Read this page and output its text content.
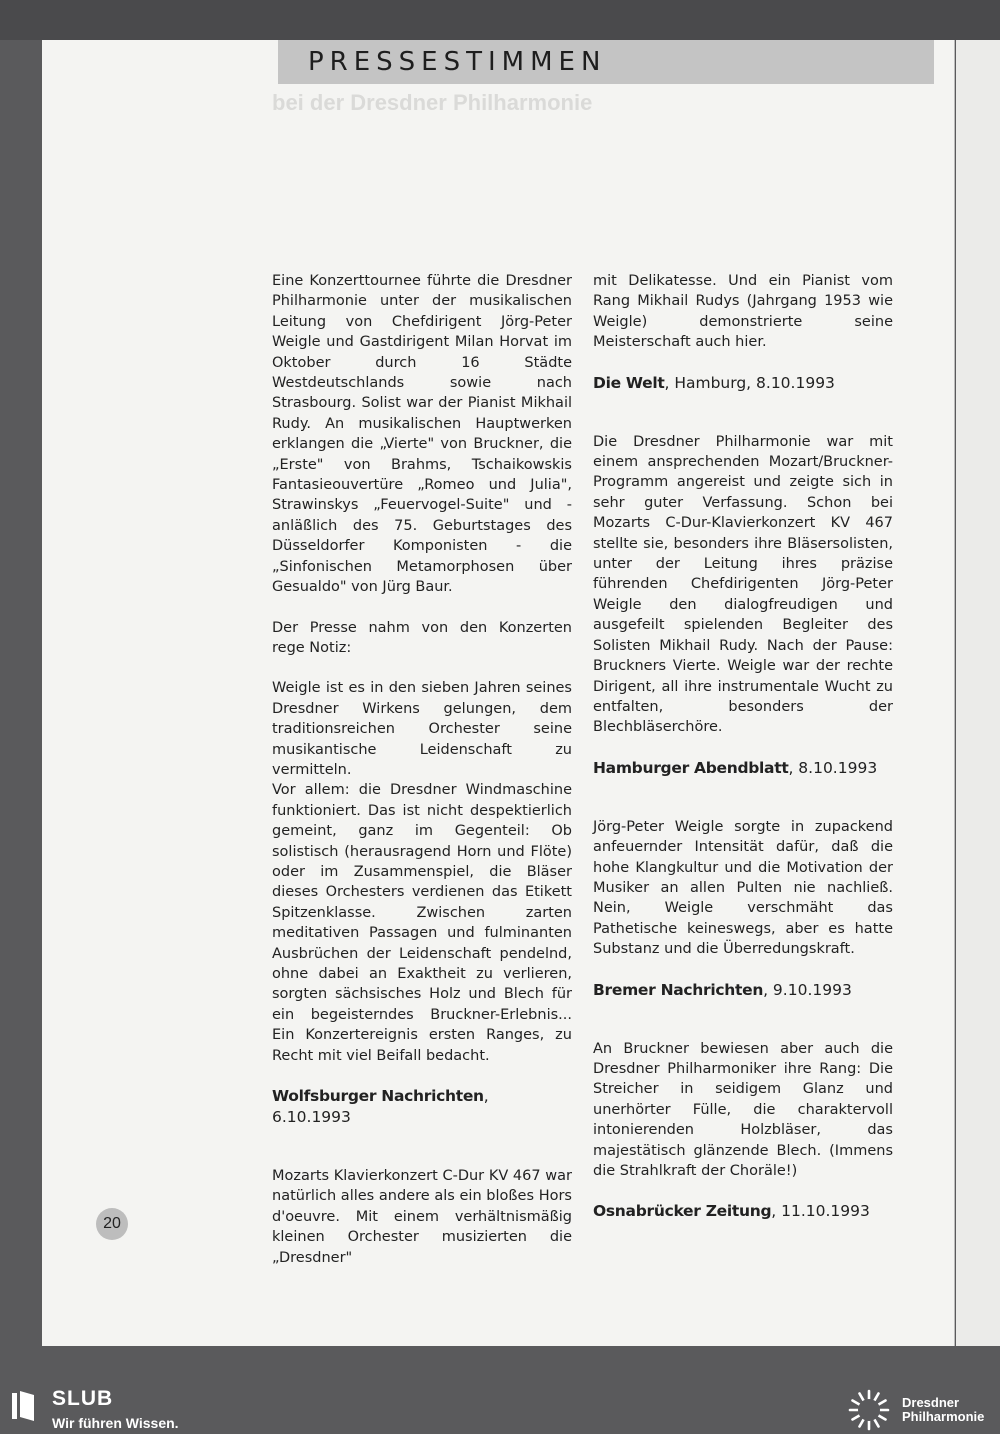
PRESSESTIMMEN
bei der Dresdner Philharmonie

Eine Konzerttournee führte die Dresdner Philharmonie unter der musikalischen Leitung von Chefdirigent Jörg-Peter Weigle und Gastdirigent Milan Horvat im Oktober durch 16 Städte Westdeutschlands sowie nach Strasbourg. Solist war der Pianist Mikhail Rudy. An musikalischen Hauptwerken erklangen die „Vierte" von Bruckner, die „Erste" von Brahms, Tschaikowskis Fantasieouvertüre „Romeo und Julia", Strawinskys „Feuervogel-Suite" und - anläßlich des 75. Geburtstages des Düsseldorfer Komponisten - die „Sinfonischen Metamorphosen über Gesualdo" von Jürg Baur.

Der Presse nahm von den Konzerten rege Notiz:

Weigle ist es in den sieben Jahren seines Dresdner Wirkens gelungen, dem traditionsreichen Orchester seine musikantische Leidenschaft zu vermitteln.

Vor allem: die Dresdner Windmaschine funktioniert. Das ist nicht despektierlich gemeint, ganz im Gegenteil: Ob solistisch (herausragend Horn und Flöte) oder im Zusammenspiel, die Bläser dieses Orchesters verdienen das Etikett Spitzenklasse. Zwischen zarten meditativen Passagen und fulminanten Ausbrüchen der Leidenschaft pendelnd, ohne dabei an Exaktheit zu verlieren, sorgten sächsisches Holz und Blech für ein begeisterndes Bruckner-Erlebnis... Ein Konzertereignis ersten Ranges, zu Recht mit viel Beifall bedacht.

Wolfsburger Nachrichten, 6.10.1993

Mozarts Klavierkonzert C-Dur KV 467 war natürlich alles andere als ein bloßes Hors d'oeuvre. Mit einem verhältnismäßig kleinen Orchester musizierten die „Dresdner"

mit Delikatesse. Und ein Pianist vom Rang Mikhail Rudys (Jahrgang 1953 wie Weigle) demonstrierte seine Meisterschaft auch hier.

Die Welt, Hamburg, 8.10.1993

Die Dresdner Philharmonie war mit einem ansprechenden Mozart/Bruckner-Programm angereist und zeigte sich in sehr guter Verfassung. Schon bei Mozarts C-Dur-Klavierkonzert KV 467 stellte sie, besonders ihre Bläsersolisten, unter der Leitung ihres präzise führenden Chefdirigenten Jörg-Peter Weigle den dialogfreudigen und ausgefeilt spielenden Begleiter des Solisten Mikhail Rudy. Nach der Pause: Bruckners Vierte. Weigle war der rechte Dirigent, all ihre instrumentale Wucht zu entfalten, besonders der Blechbläserchöre.

Hamburger Abendblatt, 8.10.1993

Jörg-Peter Weigle sorgte in zupackend anfeuernder Intensität dafür, daß die hohe Klangkultur und die Motivation der Musiker an allen Pulten nie nachließ. Nein, Weigle verschmäht das Pathetische keineswegs, aber es hatte Substanz und die Überredungskraft.

Bremer Nachrichten, 9.10.1993

An Bruckner bewiesen aber auch die Dresdner Philharmoniker ihre Rang: Die Streicher in seidigem Glanz und unerhörter Fülle, die charaktervoll intonierenden Holzbläser, das majestätisch glänzende Blech. (Immens die Strahlkraft der Choräle!)

Osnabrücker Zeitung, 11.10.1993
20
SLUB
Wir führen Wissen.
Dresdner
Philharmonie
